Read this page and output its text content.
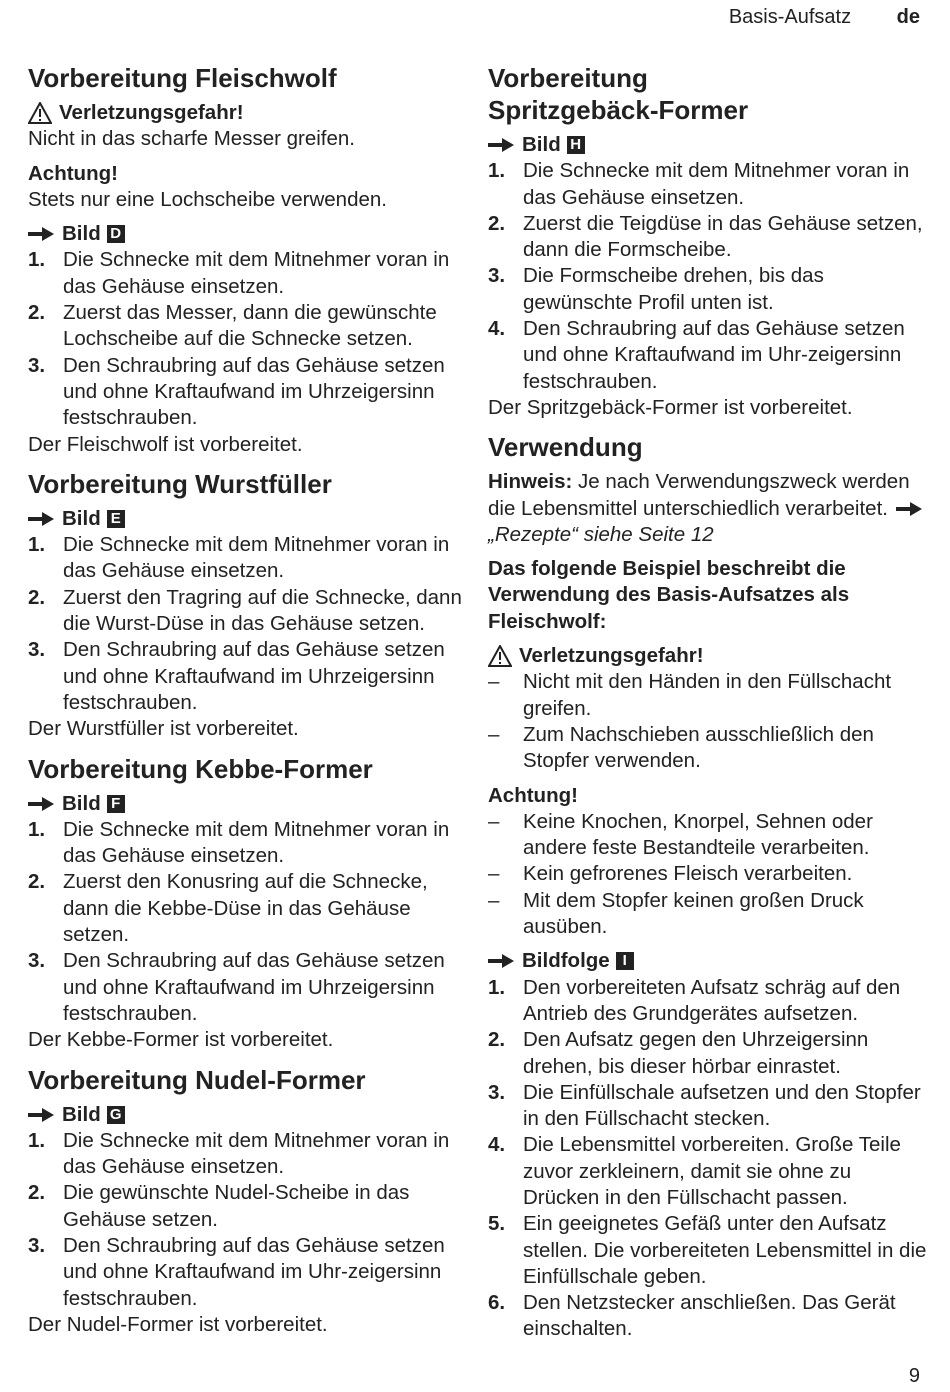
Basis-Aufsatz de
Vorbereitung Fleischwolf
Verletzungsgefahr!
Nicht in das scharfe Messer greifen.
Achtung!
Stets nur eine Lochscheibe verwenden.
Bild D
1. Die Schnecke mit dem Mitnehmer voran in das Gehäuse einsetzen.
2. Zuerst das Messer, dann die gewünschte Lochscheibe auf die Schnecke setzen.
3. Den Schraubring auf das Gehäuse setzen und ohne Kraftaufwand im Uhrzeigersinn festschrauben.
Der Fleischwolf ist vorbereitet.
Vorbereitung Wurstfüller
Bild E
1. Die Schnecke mit dem Mitnehmer voran in das Gehäuse einsetzen.
2. Zuerst den Tragring auf die Schnecke, dann die Wurst-Düse in das Gehäuse setzen.
3. Den Schraubring auf das Gehäuse setzen und ohne Kraftaufwand im Uhrzeigersinn festschrauben.
Der Wurstfüller ist vorbereitet.
Vorbereitung Kebbe-Former
Bild F
1. Die Schnecke mit dem Mitnehmer voran in das Gehäuse einsetzen.
2. Zuerst den Konusring auf die Schnecke, dann die Kebbe-Düse in das Gehäuse setzen.
3. Den Schraubring auf das Gehäuse setzen und ohne Kraftaufwand im Uhrzeigersinn festschrauben.
Der Kebbe-Former ist vorbereitet.
Vorbereitung Nudel-Former
Bild G
1. Die Schnecke mit dem Mitnehmer voran in das Gehäuse einsetzen.
2. Die gewünschte Nudel-Scheibe in das Gehäuse setzen.
3. Den Schraubring auf das Gehäuse setzen und ohne Kraftaufwand im Uhr-zeigersinn festschrauben.
Der Nudel-Former ist vorbereitet.
Vorbereitung
Spritzgebäck-Former
Bild H
1. Die Schnecke mit dem Mitnehmer voran in das Gehäuse einsetzen.
2. Zuerst die Teigdüse in das Gehäuse setzen, dann die Formscheibe.
3. Die Formscheibe drehen, bis das gewünschte Profil unten ist.
4. Den Schraubring auf das Gehäuse setzen und ohne Kraftaufwand im Uhr-zeigersinn festschrauben.
Der Spritzgebäck-Former ist vorbereitet.
Verwendung
Hinweis: Je nach Verwendungszweck werden die Lebensmittel unterschiedlich verarbeitet.  „Rezepte“ siehe Seite 12
Das folgende Beispiel beschreibt die Verwendung des Basis-Aufsatzes als Fleischwolf:
Verletzungsgefahr!
–	Nicht mit den Händen in den Füllschacht greifen.
–	Zum Nachschieben ausschließlich den Stopfer verwenden.
Achtung!
–	Keine Knochen, Knorpel, Sehnen oder andere feste Bestandteile verarbeiten.
–	Kein gefrorenes Fleisch verarbeiten.
–	Mit dem Stopfer keinen großen Druck ausüben.
Bildfolge I
1. Den vorbereiteten Aufsatz schräg auf den Antrieb des Grundgerätes aufsetzen.
2. Den Aufsatz gegen den Uhrzeigersinn drehen, bis dieser hörbar einrastet.
3. Die Einfüllschale aufsetzen und den Stopfer in den Füllschacht stecken.
4. Die Lebensmittel vorbereiten. Große Teile zuvor zerkleinern, damit sie ohne zu Drücken in den Füllschacht passen.
5. Ein geeignetes Gefäß unter den Aufsatz stellen. Die vorbereiteten Lebensmittel in die Einfüllschale geben.
6. Den Netzstecker anschließen. Das Gerät einschalten.
9
